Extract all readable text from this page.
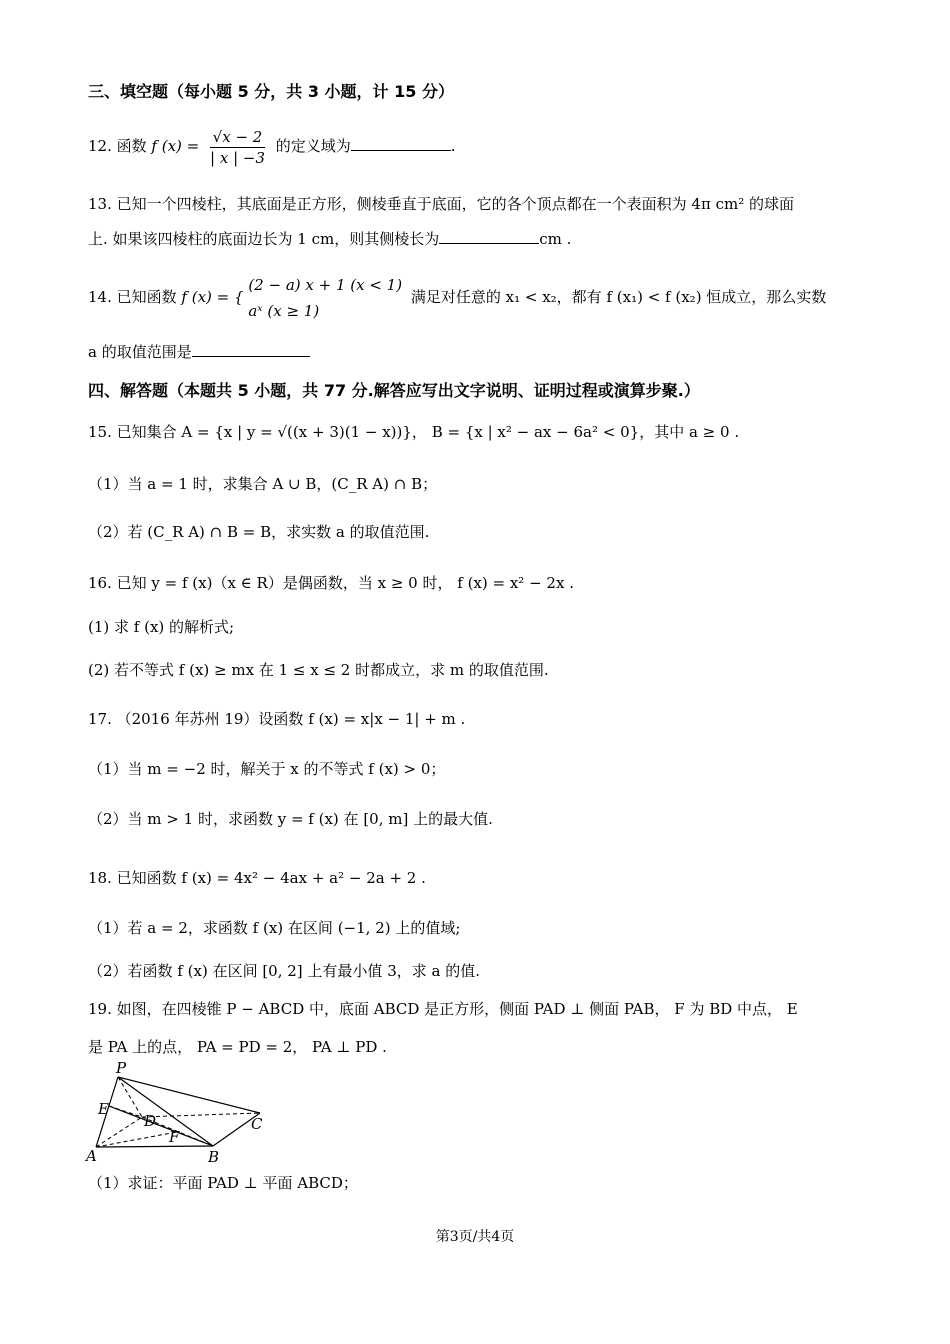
三、填空题（每小题 5 分，共 3 小题，计 15 分）
12. 函数 f $(x) = \frac{√x - 2}{| x | -3}$ 的定义域为	.
13. 已知一个四棱柱，其底面是正方形，侧棱垂直于底面，它的各个顶点都在一个表面积为 4π cm² 的球面
上. 如果该四棱柱的底面边长为 1 cm，则其侧棱长为	cm .
14. 已知函数 f (x) = {
(2 − a) x + 1 (x < 1)
aˣ (x ≥ 1)
满足对任意的 x₁ < x₂，都有 f (x₁) < f (x₂) 恒成立，那么实数
a 的取值范围是
四、解答题（本题共 5 小题，共 77 分.解答应写出文字说明、证明过程或演算步聚.）
15. 已知集合 A = {x | y = √((x + 3)(1 − x))}， B = {x | x² − ax − 6a² < 0}，其中 a ≥ 0 .
（1）当 a = 1 时，求集合 A ∪ B，(C_R A) ∩ B；
（2）若 (C_R A) ∩ B = B，求实数 a 的取值范围.
16. 已知 y = f (x)（x ∈ R）是偶函数，当 x ≥ 0 时， f (x) = x² − 2x .
(1) 求 f (x) 的解析式;
(2) 若不等式 f (x) ≥ mx 在 1 ≤ x ≤ 2 时都成立，求 m 的取值范围.
17. （2016 年苏州 19）设函数 f (x) = x|x − 1| + m .
（1）当 m = −2 时，解关于 x 的不等式 f (x) > 0；
（2）当 m > 1 时，求函数 y = f (x) 在 [0, m] 上的最大值.
18. 已知函数 f (x) = 4x² − 4ax + a² − 2a + 2 .
（1）若 a = 2，求函数 f (x) 在区间 (−1, 2) 上的值域;
（2）若函数 f (x) 在区间 [0, 2] 上有最小值 3，求 a 的值.
19. 如图，在四棱锥 P − ABCD 中，底面 ABCD 是正方形，侧面 PAD ⊥ 侧面 PAB， F 为 BD 中点， E
是 PA 上的点， PA = PD = 2， PA ⊥ PD .
P
E
D
F
A	B
C
（1）求证：平面 PAD ⊥ 平面 ABCD；
第3页/共4页
